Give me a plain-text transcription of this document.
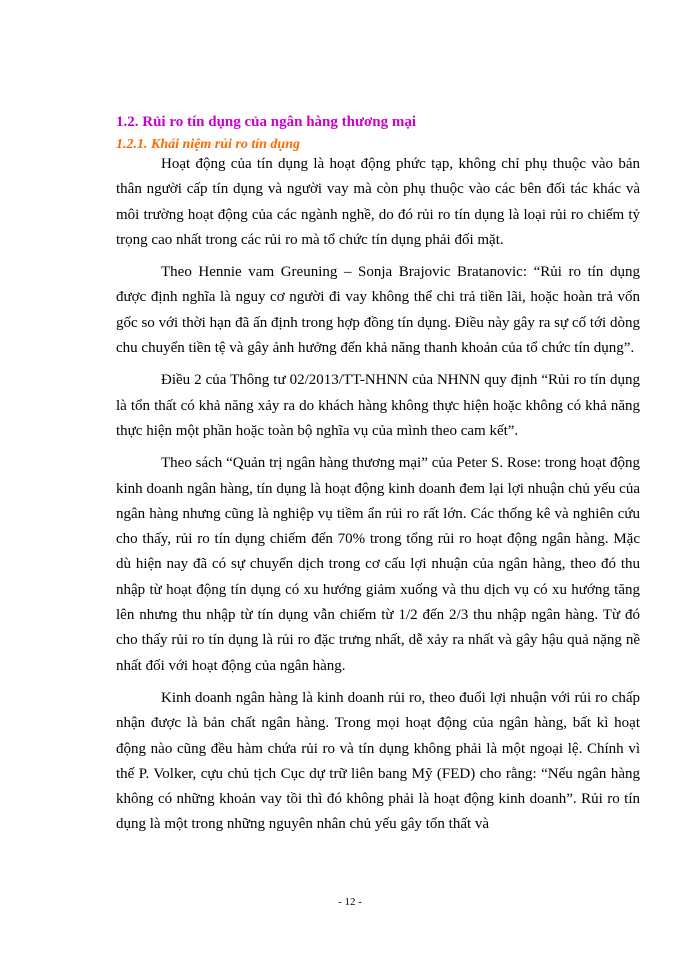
1.2. Rủi ro tín dụng của ngân hàng thương mại
1.2.1. Khái niệm rủi ro tín dụng

Hoạt động của tín dụng là hoạt động phức tạp, không chỉ phụ thuộc vào bản thân người cấp tín dụng và người vay mà còn phụ thuộc vào các bên đối tác khác và môi trường hoạt động của các ngành nghề, do đó rủi ro tín dụng là loại rủi ro chiếm tỷ trọng cao nhất trong các rủi ro mà tổ chức tín dụng phải đối mặt.

Theo Hennie vam Greuning – Sonja Brajovic Bratanovic: “Rủi ro tín dụng được định nghĩa là nguy cơ người đi vay không thể chi trả tiền lãi, hoặc hoàn trả vốn gốc so với thời hạn đã ấn định trong hợp đồng tín dụng. Điều này gây ra sự cố tới dòng chu chuyển tiền tệ và gây ảnh hưởng đến khả năng thanh khoản của tổ chức tín dụng”.

Điều 2 của Thông tư 02/2013/TT-NHNN của NHNN quy định “Rủi ro tín dụng là tổn thất có khả năng xảy ra do khách hàng không thực hiện hoặc không có khả năng thực hiện một phần hoặc toàn bộ nghĩa vụ của mình theo cam kết”.

Theo sách “Quản trị ngân hàng thương mại” của Peter S. Rose: trong hoạt động kinh doanh ngân hàng, tín dụng là hoạt động kinh doanh đem lại lợi nhuận chủ yếu của ngân hàng nhưng cũng là nghiệp vụ tiềm ẩn rủi ro rất lớn. Các thống kê và nghiên cứu cho thấy, rủi ro tín dụng chiếm đến 70% trong tổng rủi ro hoạt động ngân hàng. Mặc dù hiện nay đã có sự chuyển dịch trong cơ cấu lợi nhuận của ngân hàng, theo đó thu nhập từ hoạt động tín dụng có xu hướng giảm xuống và thu dịch vụ có xu hướng tăng lên nhưng thu nhập từ tín dụng vẫn chiếm từ 1/2 đến 2/3 thu nhập ngân hàng. Từ đó cho thấy rủi ro tín dụng là rủi ro đặc trưng nhất, dễ xảy ra nhất và gây hậu quả nặng nề nhất đối với hoạt động của ngân hàng.

Kinh doanh ngân hàng là kinh doanh rủi ro, theo đuổi lợi nhuận với rủi ro chấp nhận được là bản chất ngân hàng. Trong mọi hoạt động của ngân hàng, bất kì hoạt động nào cũng đều hàm chứa rủi ro và tín dụng không phải là một ngoại lệ. Chính vì thế P. Volker, cựu chủ tịch Cục dự trữ liên bang Mỹ (FED) cho rằng: “Nếu ngân hàng không có những khoản vay tồi thì đó không phải là hoạt động kinh doanh”. Rủi ro tín dụng là một trong những nguyên nhân chủ yếu gây tổn thất và

- 12 -
